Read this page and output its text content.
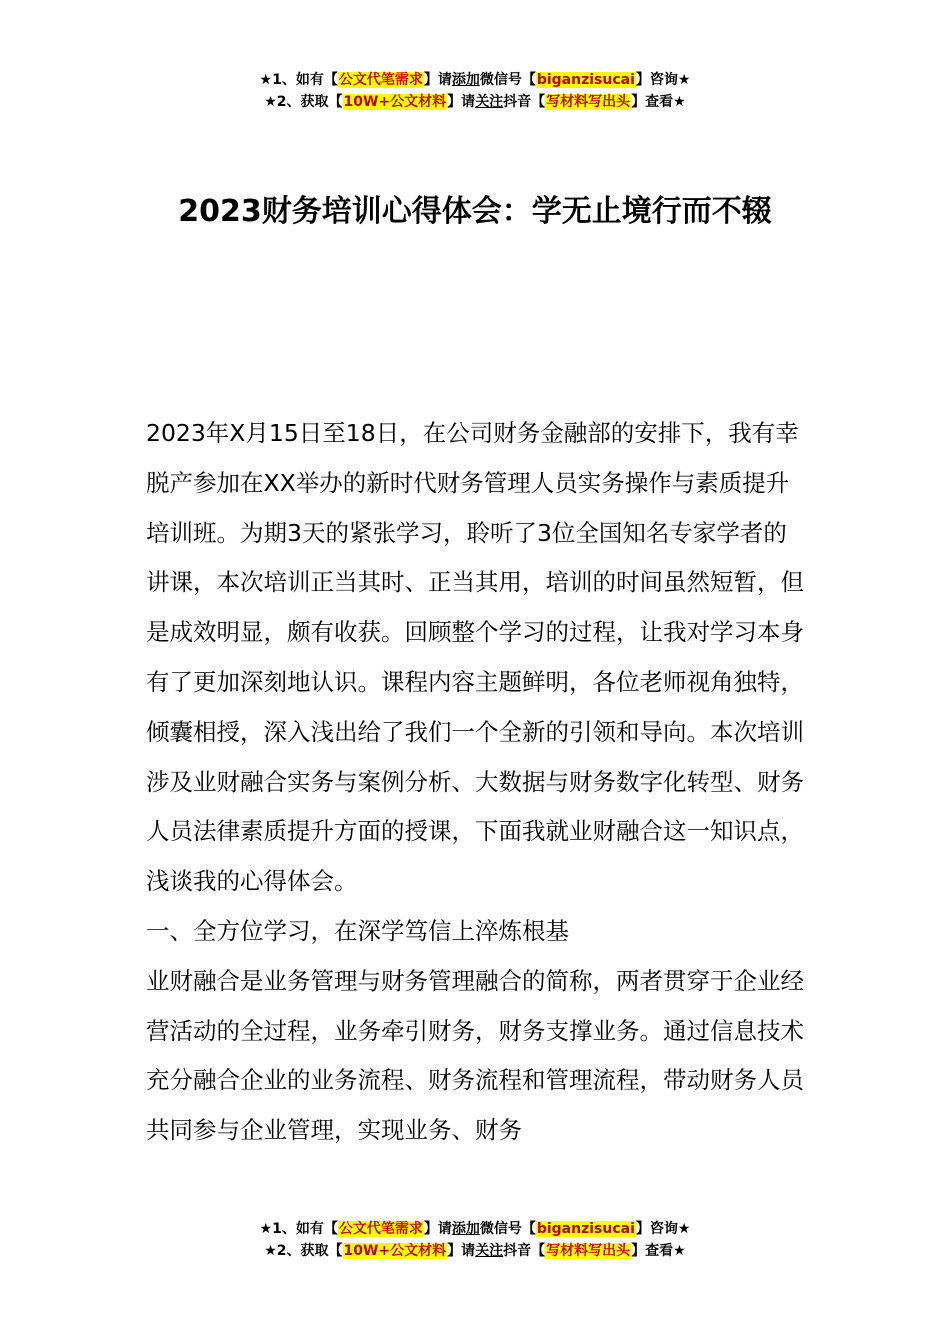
★1、如有【公文代笔需求】请添加微信号【biganzisucai】咨询★
★2、获取【10W+公文材料】请关注抖音【写材料写出头】查看★
2023财务培训心得体会：学无止境行而不辍

2023年X月15日至18日，在公司财务金融部的安排下，我有幸脱产参加在XX举办的新时代财务管理人员实务操作与素质提升培训班。为期3天的紧张学习，聆听了3位全国知名专家学者的讲课，本次培训正当其时、正当其用，培训的时间虽然短暂，但是成效明显，颇有收获。回顾整个学习的过程，让我对学习本身有了更加深刻地认识。课程内容主题鲜明，各位老师视角独特，倾囊相授，深入浅出给了我们一个全新的引领和导向。本次培训涉及业财融合实务与案例分析、大数据与财务数字化转型、财务人员法律素质提升方面的授课，下面我就业财融合这一知识点，浅谈我的心得体会。

一、全方位学习，在深学笃信上淬炼根基

业财融合是业务管理与财务管理融合的简称，两者贯穿于企业经营活动的全过程，业务牵引财务，财务支撑业务。通过信息技术充分融合企业的业务流程、财务流程和管理流程，带动财务人员共同参与企业管理，实现业务、财务

★1、如有【公文代笔需求】请添加微信号【biganzisucai】咨询★
★2、获取【10W+公文材料】请关注抖音【写材料写出头】查看★
